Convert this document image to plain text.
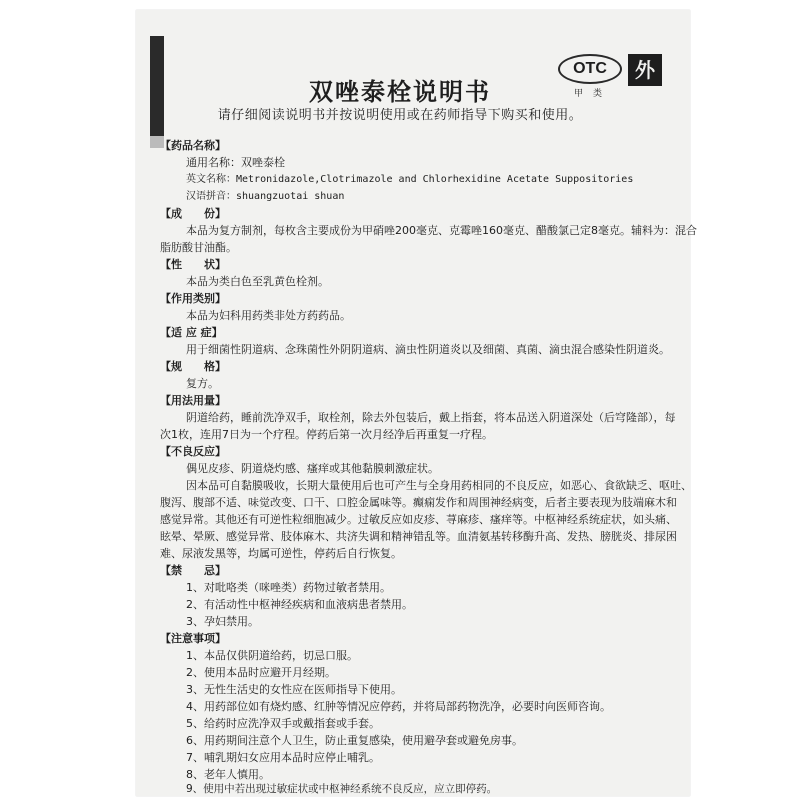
双唑泰栓说明书
OTC
甲类
外
请仔细阅读说明书并按说明使用或在药师指导下购买和使用。
【药品名称】
通用名称：双唑泰栓
英文名称：Metronidazole,Clotrimazole and Chlorhexidine Acetate Suppositories
汉语拼音：shuangzuotai shuan
【成　　份】
本品为复方制剂，每枚含主要成份为甲硝唑200毫克、克霉唑160毫克、醋酸氯己定8毫克。辅料为：混合
脂肪酸甘油酯。
【性　　状】
本品为类白色至乳黄色栓剂。
【作用类别】
本品为妇科用药类非处方药药品。
【适 应 症】
用于细菌性阴道病、念珠菌性外阴阴道病、滴虫性阴道炎以及细菌、真菌、滴虫混合感染性阴道炎。
【规　　格】
复方。
【用法用量】
阴道给药，睡前洗净双手，取栓剂，除去外包装后，戴上指套，将本品送入阴道深处（后穹隆部），每
次1枚，连用7日为一个疗程。停药后第一次月经净后再重复一疗程。
【不良反应】
偶见皮疹、阴道烧灼感、瘙痒或其他黏膜刺激症状。
因本品可自黏膜吸收，长期大量使用后也可产生与全身用药相同的不良反应，如恶心、食欲缺乏、呕吐、
腹泻、腹部不适、味觉改变、口干、口腔金属味等。癫痫发作和周围神经病变，后者主要表现为肢端麻木和
感觉异常。其他还有可逆性粒细胞减少。过敏反应如皮疹、荨麻疹、瘙痒等。中枢神经系统症状，如头痛、
眩晕、晕厥、感觉异常、肢体麻木、共济失调和精神错乱等。血清氨基转移酶升高、发热、膀胱炎、排尿困
难、尿液发黑等，均属可逆性，停药后自行恢复。
【禁　　忌】
1、对吡咯类（咪唑类）药物过敏者禁用。
2、有活动性中枢神经疾病和血液病患者禁用。
3、孕妇禁用。
【注意事项】
1、本品仅供阴道给药，切忌口服。
2、使用本品时应避开月经期。
3、无性生活史的女性应在医师指导下使用。
4、用药部位如有烧灼感、红肿等情况应停药，并将局部药物洗净，必要时向医师咨询。
5、给药时应洗净双手或戴指套或手套。
6、用药期间注意个人卫生，防止重复感染，使用避孕套或避免房事。
7、哺乳期妇女应用本品时应停止哺乳。
8、老年人慎用。
9、使用中若出现过敏症状或中枢神经系统不良反应，应立即停药。
